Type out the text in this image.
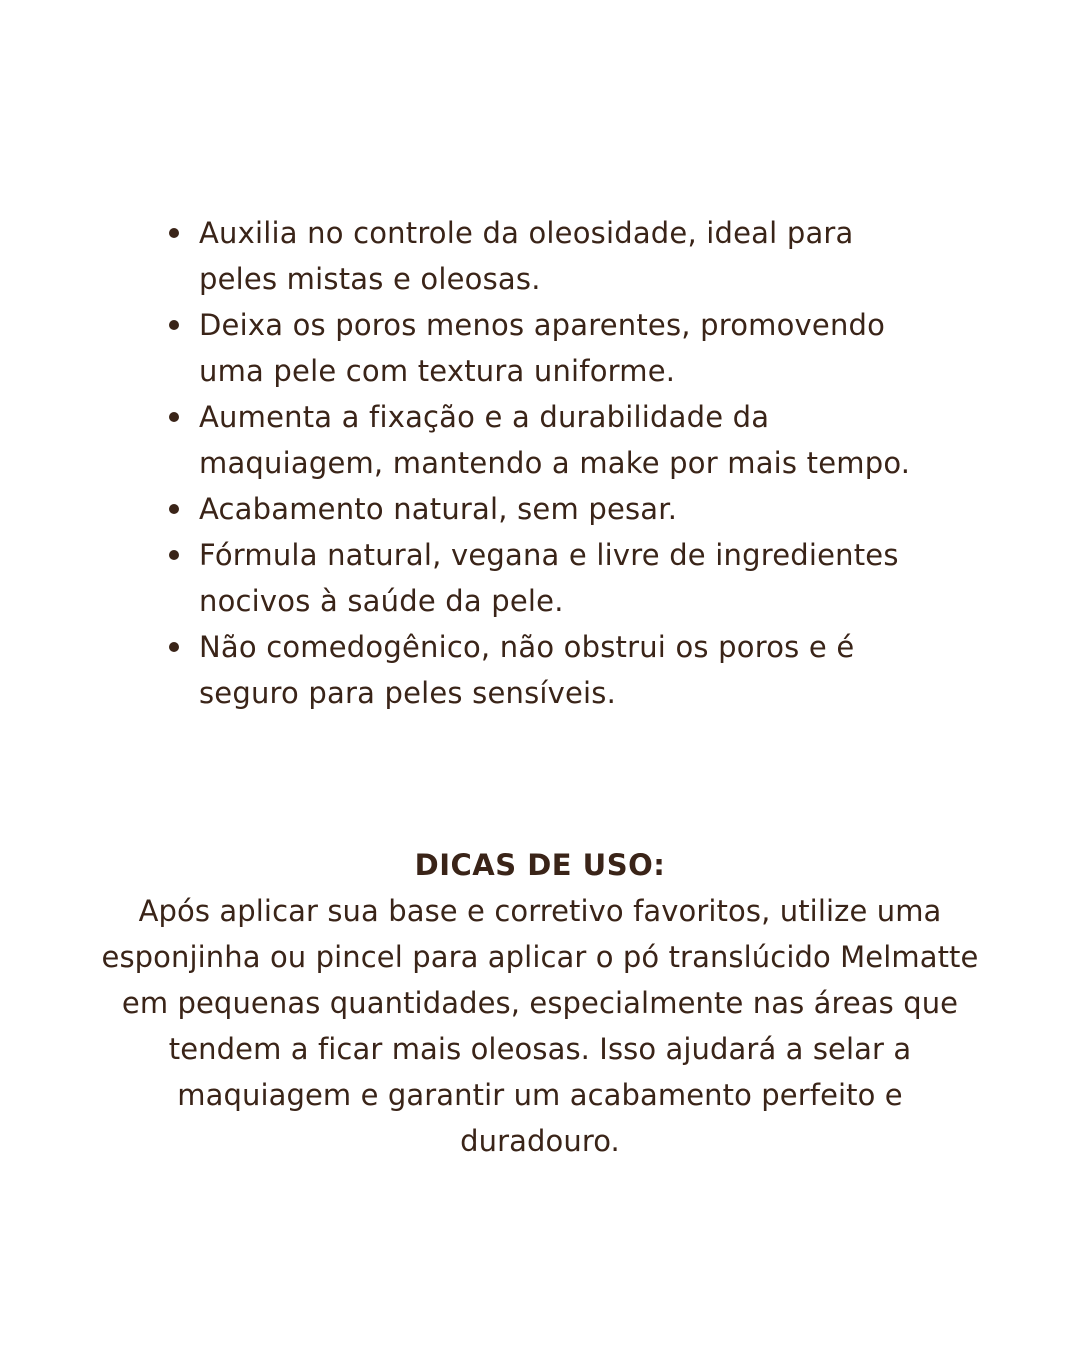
Auxilia no controle da oleosidade, ideal para peles mistas e oleosas.
Deixa os poros menos aparentes, promovendo uma pele com textura uniforme.
Aumenta a fixação e a durabilidade da maquiagem, mantendo a make por mais tempo.
Acabamento natural, sem pesar.
Fórmula natural, vegana e livre de ingredientes nocivos à saúde da pele.
Não comedogênico, não obstrui os poros e é seguro para peles sensíveis.
DICAS DE USO:

Após aplicar sua base e corretivo favoritos, utilize uma esponjinha ou pincel para aplicar o pó translúcido Melmatte em pequenas quantidades, especialmente nas áreas que tendem a ficar mais oleosas. Isso ajudará a selar a maquiagem e garantir um acabamento perfeito e duradouro.
